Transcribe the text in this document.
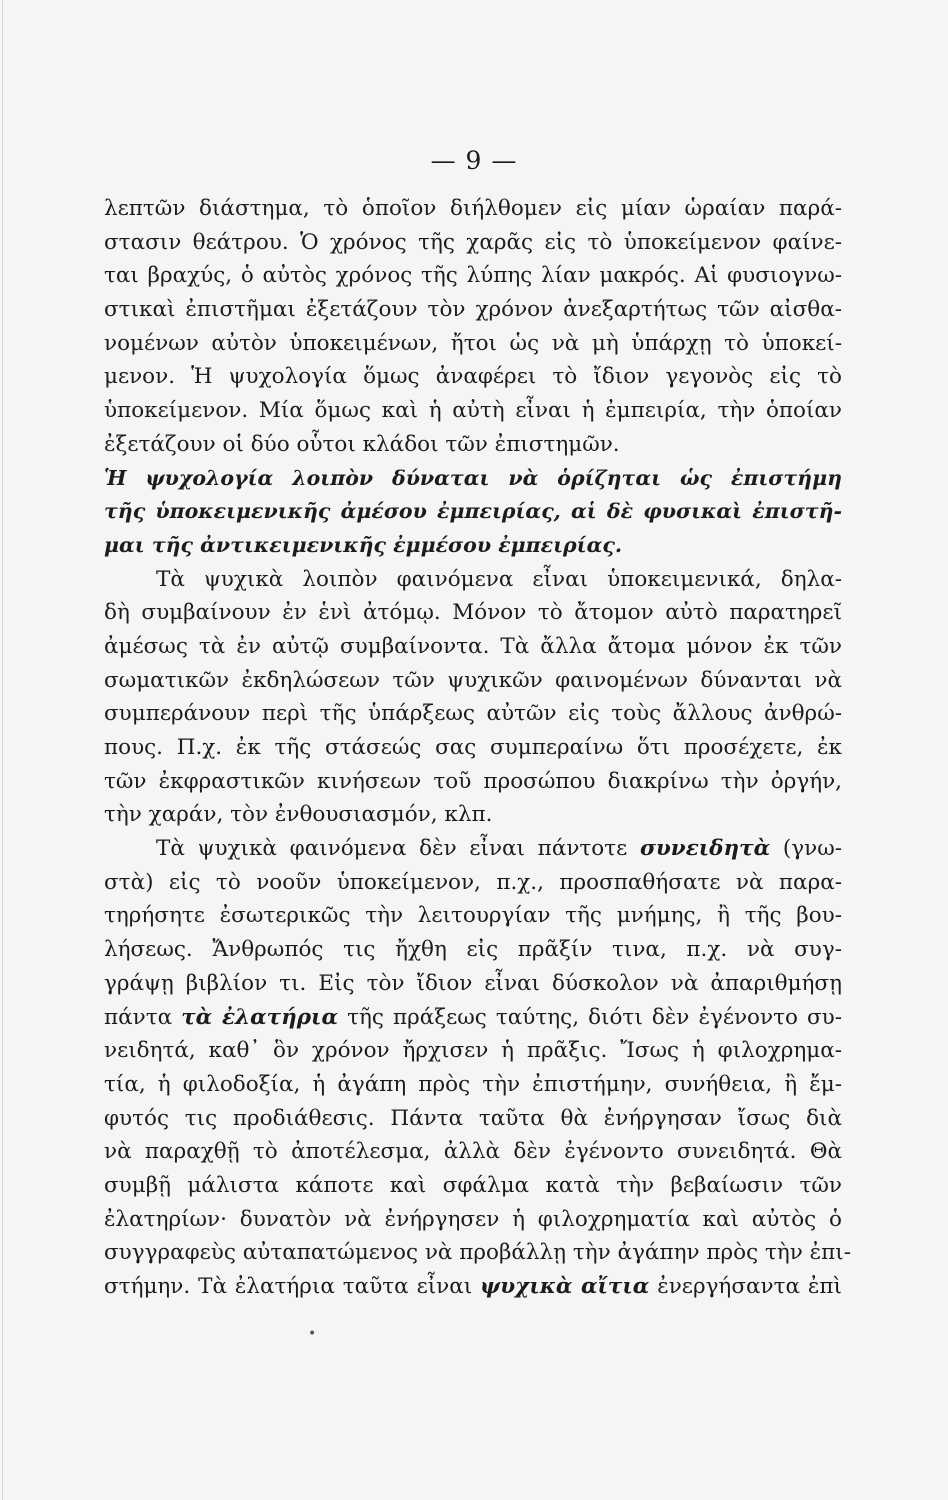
— 9 —
λεπτῶν διάστημα, τὸ ὁποῖον διήλθομεν εἰς μίαν ὡραίαν παρά-
στασιν θεάτρου. Ὁ χρόνος τῆς χαρᾶς εἰς τὸ ὑποκείμενον φαίνε-
ται βραχύς, ὁ αὐτὸς χρόνος τῆς λύπης λίαν μακρός. Αἱ φυσιογνω-
στικαὶ ἐπιστῆμαι ἐξετάζουν τὸν χρόνον ἀνεξαρτήτως τῶν αἰσθα-
νομένων αὐτὸν ὑποκειμένων, ἤτοι ὡς νὰ μὴ ὑπάρχῃ τὸ ὑποκεί-
μενον. Ἡ ψυχολογία ὅμως ἀναφέρει τὸ ἴδιον γεγονὸς εἰς τὸ
ὑποκείμενον. Μία ὅμως καὶ ἡ αὐτὴ εἶναι ἡ ἐμπειρία, τὴν ὁποίαν
ἐξετάζουν οἱ δύο οὗτοι κλάδοι τῶν ἐπιστημῶν.
Ἡ ψυχολογία λοιπὸν δύναται νὰ ὁρίζηται ὡς ἐπιστήμη
τῆς ὑποκειμενικῆς ἀμέσου ἐμπειρίας, αἱ δὲ φυσικαὶ ἐπιστῆ-
μαι τῆς ἀντικειμενικῆς ἐμμέσου ἐμπειρίας.
Τὰ ψυχικὰ λοιπὸν φαινόμενα εἶναι ὑποκειμενικά, δηλα-
δὴ συμβαίνουν ἐν ἑνὶ ἀτόμῳ. Μόνον τὸ ἄτομον αὐτὸ παρατηρεῖ
ἀμέσως τὰ ἐν αὐτῷ συμβαίνοντα. Τὰ ἄλλα ἄτομα μόνον ἐκ τῶν
σωματικῶν ἐκδηλώσεων τῶν ψυχικῶν φαινομένων δύνανται νὰ
συμπεράνουν περὶ τῆς ὑπάρξεως αὐτῶν εἰς τοὺς ἄλλους ἀνθρώ-
πους. Π.χ. ἐκ τῆς στάσεώς σας συμπεραίνω ὅτι προσέχετε, ἐκ
τῶν ἐκφραστικῶν κινήσεων τοῦ προσώπου διακρίνω τὴν ὀργήν,
τὴν χαράν, τὸν ἐνθουσιασμόν, κλπ.
Τὰ ψυχικὰ φαινόμενα δὲν εἶναι πάντοτε συνειδητὰ (γνω-
στὰ) εἰς τὸ νοοῦν ὑποκείμενον, π.χ., προσπαθήσατε νὰ παρα-
τηρήσητε ἐσωτερικῶς τὴν λειτουργίαν τῆς μνήμης, ἢ τῆς βου-
λήσεως. Ἄνθρωπός τις ἤχθη εἰς πρᾶξίν τινα, π.χ. νὰ συγ-
γράψῃ βιβλίον τι. Εἰς τὸν ἴδιον εἶναι δύσκολον νὰ ἀπαριθμήσῃ
πάντα τὰ ἐλατήρια τῆς πράξεως ταύτης, διότι δὲν ἐγένοντο συ-
νειδητά, καθ᾿ ὃν χρόνον ἤρχισεν ἡ πρᾶξις. Ἴσως ἡ φιλοχρημα-
τία, ἡ φιλοδοξία, ἡ ἀγάπη πρὸς τὴν ἐπιστήμην, συνήθεια, ἢ ἔμ-
φυτός τις προδιάθεσις. Πάντα ταῦτα θὰ ἐνήργησαν ἴσως διὰ
νὰ παραχθῇ τὸ ἀποτέλεσμα, ἀλλὰ δὲν ἐγένοντο συνειδητά. Θὰ
συμβῇ μάλιστα κάποτε καὶ σφάλμα κατὰ τὴν βεβαίωσιν τῶν
ἐλατηρίων· δυνατὸν νὰ ἐνήργησεν ἡ φιλοχρηματία καὶ αὐτὸς ὁ
συγγραφεὺς αὐταπατώμενος νὰ προβάλλῃ τὴν ἀγάπην πρὸς τὴν ἐπι-
στήμην. Τὰ ἐλατήρια ταῦτα εἶναι ψυχικὰ αἴτια ἐνεργήσαντα ἐπὶ
•
